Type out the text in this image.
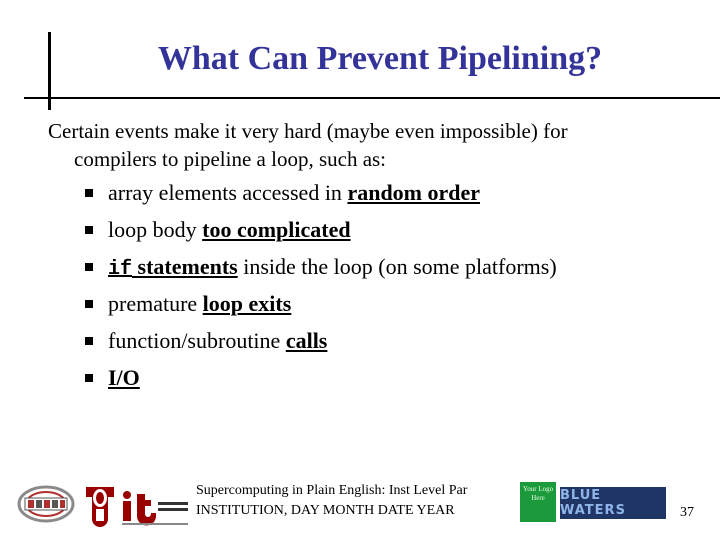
What Can Prevent Pipelining?
Certain events make it very hard (maybe even impossible) for
compilers to pipeline a loop, such as:
array elements accessed in random order
loop body too complicated
if statements inside the loop (on some platforms)
premature loop exits
function/subroutine calls
I/O
Supercomputing in Plain English: Inst Level Par
INSTITUTION, DAY MONTH DATE YEAR
Your Logo Here	BLUE WATERS	37
